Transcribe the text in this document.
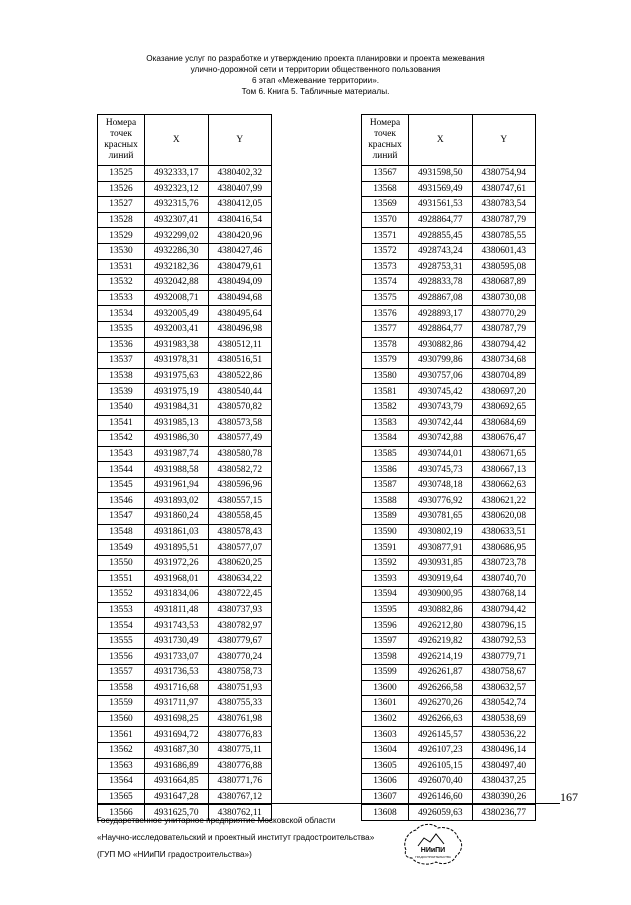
Оказание услуг по разработке и утверждению проекта планировки и проекта межевания
улично-дорожной сети и территории общественного пользования
6 этап «Межевание территории».
Том 6. Книга 5. Табличные материалы.
Номера
точек
красных
линий	X	Y
13525	4932333,17	4380402,32
13526	4932323,12	4380407,99
13527	4932315,76	4380412,05
13528	4932307,41	4380416,54
13529	4932299,02	4380420,96
13530	4932286,30	4380427,46
13531	4932182,36	4380479,61
13532	4932042,88	4380494,09
13533	4932008,71	4380494,68
13534	4932005,49	4380495,64
13535	4932003,41	4380496,98
13536	4931983,38	4380512,11
13537	4931978,31	4380516,51
13538	4931975,63	4380522,86
13539	4931975,19	4380540,44
13540	4931984,31	4380570,82
13541	4931985,13	4380573,58
13542	4931986,30	4380577,49
13543	4931987,74	4380580,78
13544	4931988,58	4380582,72
13545	4931961,94	4380596,96
13546	4931893,02	4380557,15
13547	4931860,24	4380558,45
13548	4931861,03	4380578,43
13549	4931895,51	4380577,07
13550	4931972,26	4380620,25
13551	4931968,01	4380634,22
13552	4931834,06	4380722,45
13553	4931811,48	4380737,93
13554	4931743,53	4380782,97
13555	4931730,49	4380779,67
13556	4931733,07	4380770,24
13557	4931736,53	4380758,73
13558	4931716,68	4380751,93
13559	4931711,97	4380755,33
13560	4931698,25	4380761,98
13561	4931694,72	4380776,83
13562	4931687,30	4380775,11
13563	4931686,89	4380776,88
13564	4931664,85	4380771,76
13565	4931647,28	4380767,12
13566	4931625,70	4380762,11
Номера
точек
красных
линий	X	Y
13567	4931598,50	4380754,94
13568	4931569,49	4380747,61
13569	4931561,53	4380783,54
13570	4928864,77	4380787,79
13571	4928855,45	4380785,55
13572	4928743,24	4380601,43
13573	4928753,31	4380595,08
13574	4928833,78	4380687,89
13575	4928867,08	4380730,08
13576	4928893,17	4380770,29
13577	4928864,77	4380787,79
13578	4930882,86	4380794,42
13579	4930799,86	4380734,68
13580	4930757,06	4380704,89
13581	4930745,42	4380697,20
13582	4930743,79	4380692,65
13583	4930742,44	4380684,69
13584	4930742,88	4380676,47
13585	4930744,01	4380671,65
13586	4930745,73	4380667,13
13587	4930748,18	4380662,63
13588	4930776,92	4380621,22
13589	4930781,65	4380620,08
13590	4930802,19	4380633,51
13591	4930877,91	4380686,95
13592	4930931,85	4380723,78
13593	4930919,64	4380740,70
13594	4930900,95	4380768,14
13595	4930882,86	4380794,42
13596	4926212,80	4380796,15
13597	4926219,82	4380792,53
13598	4926214,19	4380779,71
13599	4926261,87	4380758,67
13600	4926266,58	4380632,57
13601	4926270,26	4380542,74
13602	4926266,63	4380538,69
13603	4926145,57	4380536,22
13604	4926107,23	4380496,14
13605	4926105,15	4380497,40
13606	4926070,40	4380437,25
13607	4926146,60	4380390,26
13608	4926059,63	4380236,77
167
Государственное унитарное предприятие Московской области
«Научно-исследовательский и проектный институт градостроительства»
(ГУП МО «НИиПИ градостроительства»)	НИиПИ
ГРАДОСТРОИТЕЛЬСТВА
